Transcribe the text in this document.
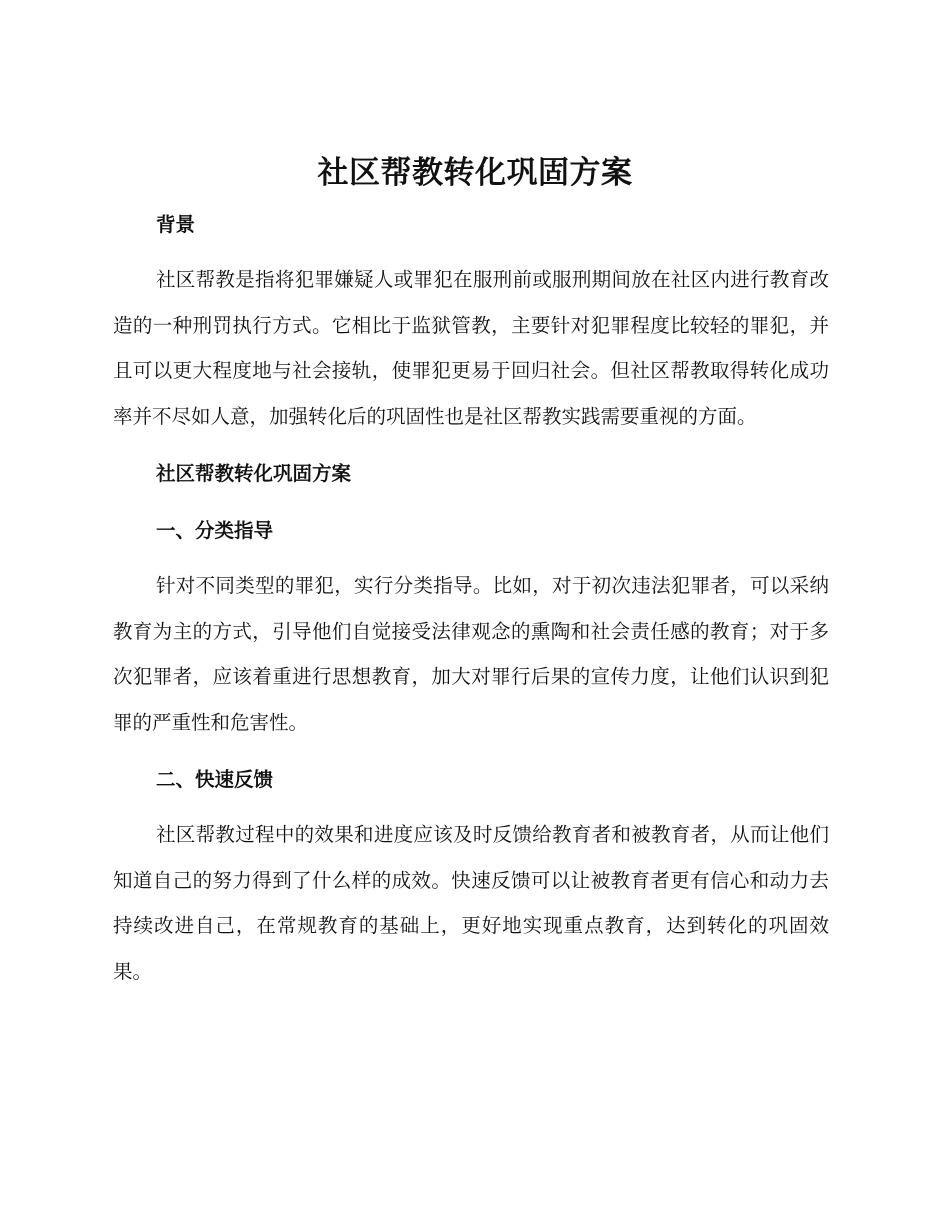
社区帮教转化巩固方案

背景

社区帮教是指将犯罪嫌疑人或罪犯在服刑前或服刑期间放在社区内进行教育改造的一种刑罚执行方式。它相比于监狱管教，主要针对犯罪程度比较轻的罪犯，并且可以更大程度地与社会接轨，使罪犯更易于回归社会。但社区帮教取得转化成功率并不尽如人意，加强转化后的巩固性也是社区帮教实践需要重视的方面。

社区帮教转化巩固方案

一、分类指导

针对不同类型的罪犯，实行分类指导。比如，对于初次违法犯罪者，可以采纳教育为主的方式，引导他们自觉接受法律观念的熏陶和社会责任感的教育；对于多次犯罪者，应该着重进行思想教育，加大对罪行后果的宣传力度，让他们认识到犯罪的严重性和危害性。

二、快速反馈

社区帮教过程中的效果和进度应该及时反馈给教育者和被教育者，从而让他们知道自己的努力得到了什么样的成效。快速反馈可以让被教育者更有信心和动力去持续改进自己，在常规教育的基础上，更好地实现重点教育，达到转化的巩固效果。
